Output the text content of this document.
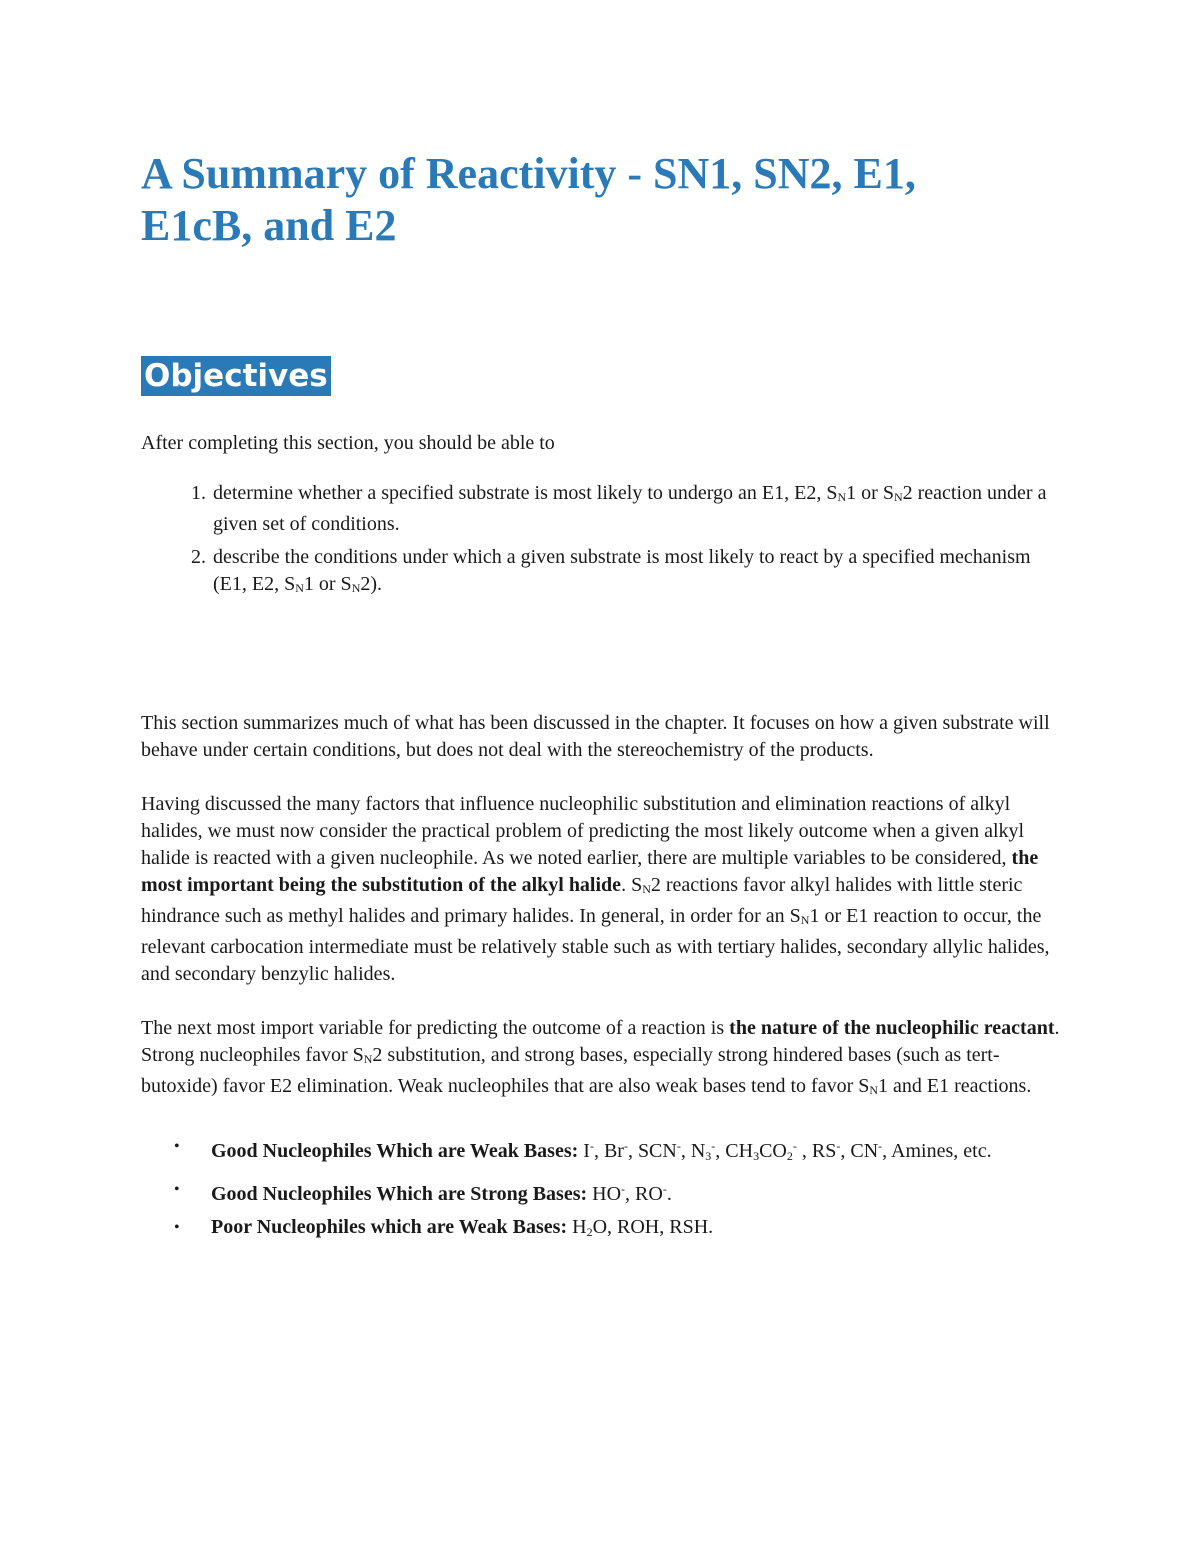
A Summary of Reactivity - SN1, SN2, E1,
E1cB, and E2
Objectives

After completing this section, you should be able to

1. determine whether a specified substrate is most likely to undergo an E1, E2, $S_N1$ or $S_N2$ reaction under a given set of conditions.
2. describe the conditions under which a given substrate is most likely to react by a specified mechanism (E1, E2, $S_N1$ or $S_N2$).

This section summarizes much of what has been discussed in the chapter. It focuses on how a given substrate will behave under certain conditions, but does not deal with the stereochemistry of the products.

Having discussed the many factors that influence nucleophilic substitution and elimination reactions of alkyl halides, we must now consider the practical problem of predicting the most likely outcome when a given alkyl halide is reacted with a given nucleophile. As we noted earlier, there are multiple variables to be considered, the most important being the substitution of the alkyl halide. $S_N2$ reactions favor alkyl halides with little steric hindrance such as methyl halides and primary halides. In general, in order for an $S_N1$ or E1 reaction to occur, the relevant carbocation intermediate must be relatively stable such as with tertiary halides, secondary allylic halides, and secondary benzylic halides.

The next most import variable for predicting the outcome of a reaction is the nature of the nucleophilic reactant. Strong nucleophiles favor $S_N2$ substitution, and strong bases, especially strong hindered bases (such as tert-butoxide) favor E2 elimination. Weak nucleophiles that are also weak bases tend to favor $S_N1$ and E1 reactions.

• Good Nucleophiles Which are Weak Bases: I-, Br-, SCN-, $N_3^-$, $CH_3CO_2^-$ , RS-, CN-, Amines, etc.
• Good Nucleophiles Which are Strong Bases: HO-, RO-.
• Poor Nucleophiles which are Weak Bases: $H_2O$, ROH, RSH.
